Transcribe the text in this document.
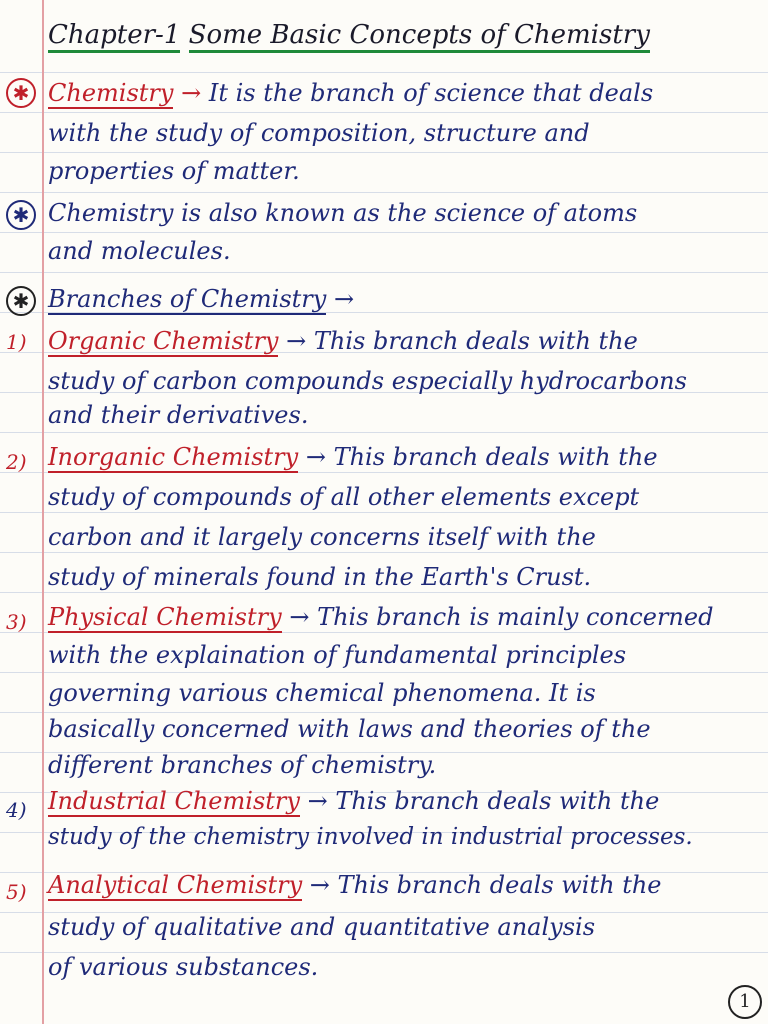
Chapter-1 Some Basic Concepts of Chemistry
✱ Chemistry → It is the branch of science that deals
with the study of composition, structure and
properties of matter.
✱ Chemistry is also known as the science of atoms
and molecules.
✱ Branches of Chemistry →
1) Organic Chemistry → This branch deals with the
study of carbon compounds especially hydrocarbons
and their derivatives.
2) Inorganic Chemistry → This branch deals with the
study of compounds of all other elements except
carbon and it largely concerns itself with the
study of minerals found in the Earth's Crust.
3) Physical Chemistry → This branch is mainly concerned
with the explaination of fundamental principles
governing various chemical phenomena. It is
basically concerned with laws and theories of the
different branches of chemistry.
4) Industrial Chemistry → This branch deals with the
study of the chemistry involved in industrial processes.
5) Analytical Chemistry → This branch deals with the
study of qualitative and quantitative analysis
of various substances.
1
